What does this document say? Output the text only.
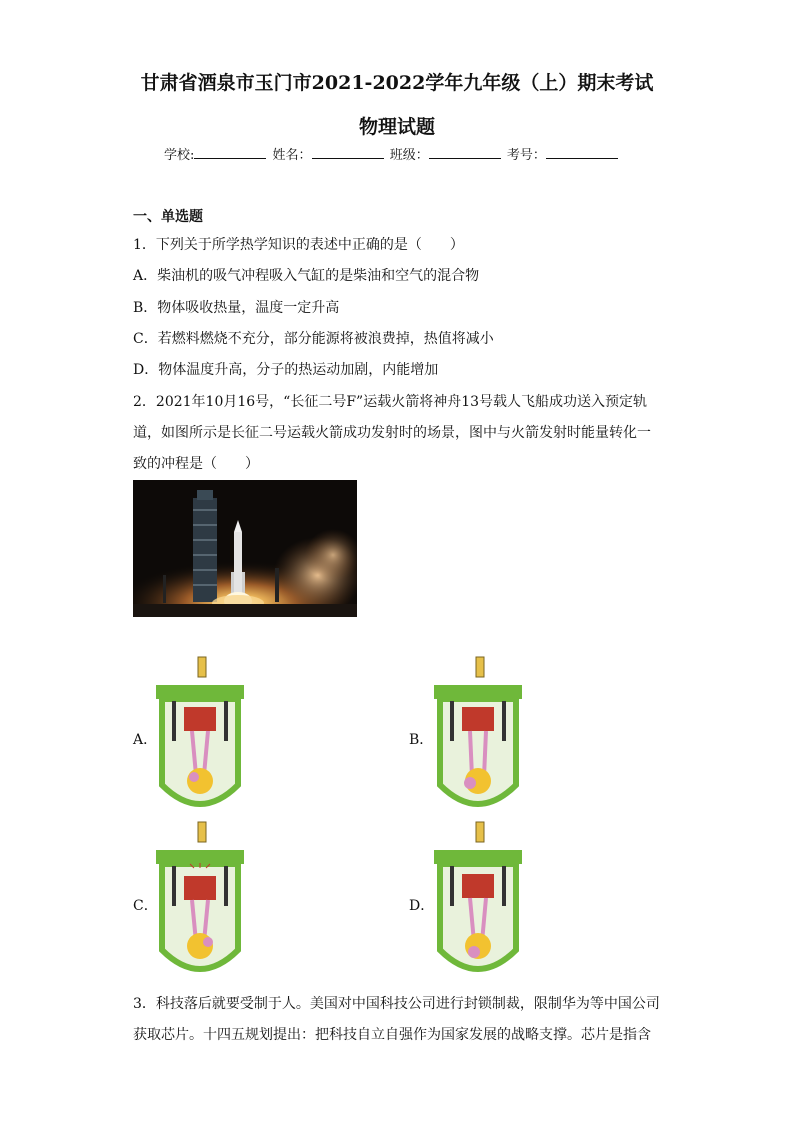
甘肃省酒泉市玉门市2021-2022学年九年级（上）期末考试
物理试题
学校:	姓名：	班级：	考号：
一、单选题
1．下列关于所学热学知识的表述中正确的是（　　）
A．柴油机的吸气冲程吸入气缸的是柴油和空气的混合物
B．物体吸收热量，温度一定升高
C．若燃料燃烧不充分，部分能源将被浪费掉，热值将减小
D．物体温度升高，分子的热运动加剧，内能增加
2．2021年10月16号，“长征二号F”运载火箭将神舟13号载人飞船成功送入预定轨
道，如图所示是长征二号运载火箭成功发射时的场景，图中与火箭发射时能量转化一
致的冲程是（　　）
A．	B．
C．	D．
3．科技落后就要受制于人。美国对中国科技公司进行封锁制裁，限制华为等中国公司
获取芯片。十四五规划提出：把科技自立自强作为国家发展的战略支撑。芯片是指含
